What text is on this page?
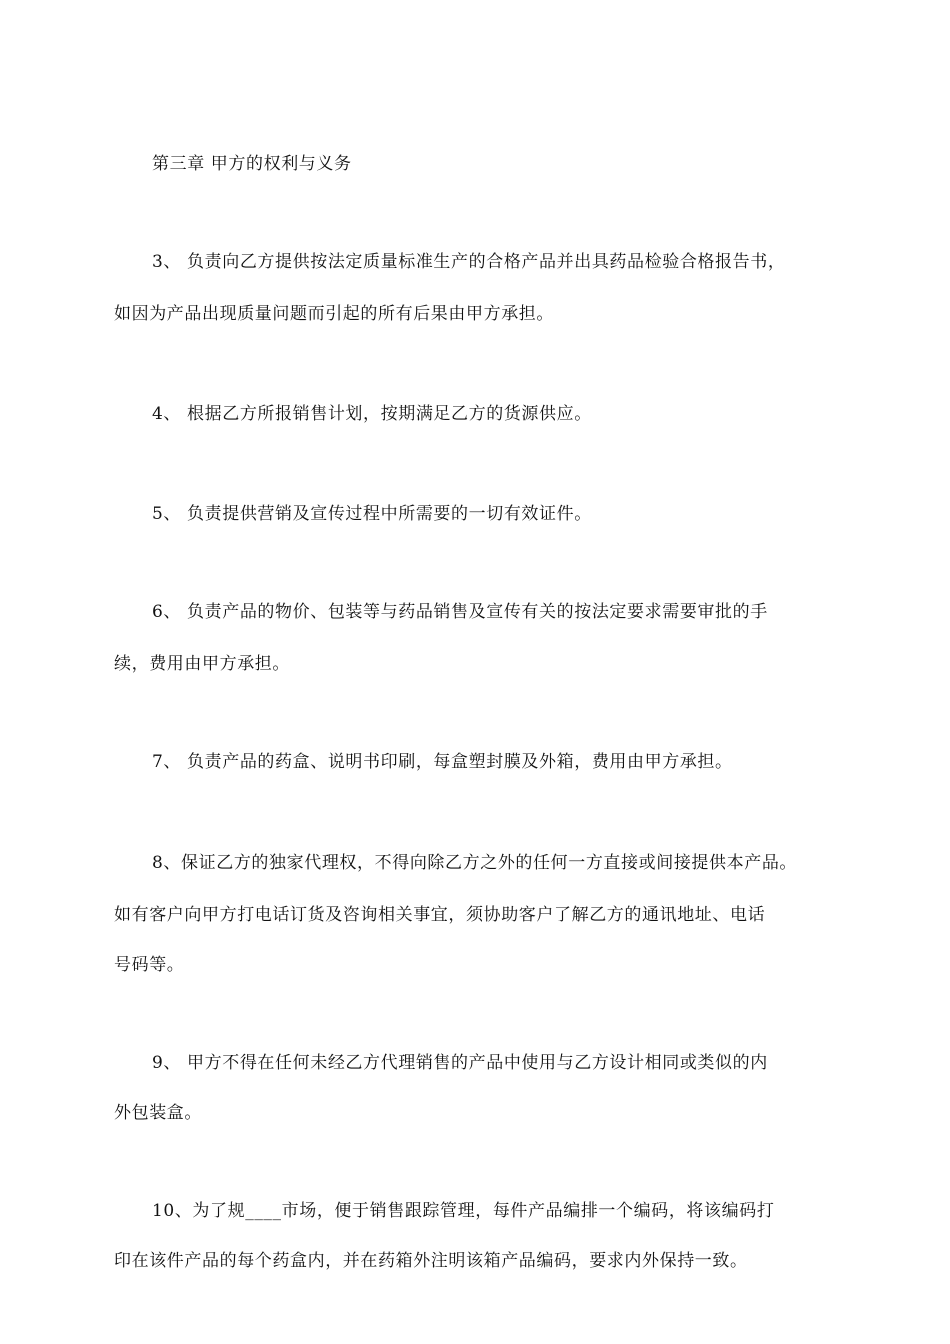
第三章 甲方的权利与义务
3、 负责向乙方提供按法定质量标准生产的合格产品并出具药品检验合格报告书，
如因为产品出现质量问题而引起的所有后果由甲方承担。
4、 根据乙方所报销售计划，按期满足乙方的货源供应。
5、 负责提供营销及宣传过程中所需要的一切有效证件。
6、 负责产品的物价、包装等与药品销售及宣传有关的按法定要求需要审批的手
续，费用由甲方承担。
7、 负责产品的药盒、说明书印刷，每盒塑封膜及外箱，费用由甲方承担。
8、保证乙方的独家代理权，不得向除乙方之外的任何一方直接或间接提供本产品。
如有客户向甲方打电话订货及咨询相关事宜，须协助客户了解乙方的通讯地址、电话
号码等。
9、 甲方不得在任何未经乙方代理销售的产品中使用与乙方设计相同或类似的内
外包装盒。
10、为了规____市场，便于销售跟踪管理，每件产品编排一个编码，将该编码打
印在该件产品的每个药盒内，并在药箱外注明该箱产品编码，要求内外保持一致。
